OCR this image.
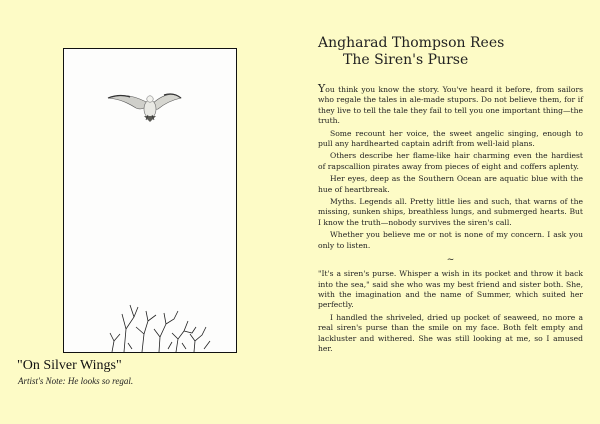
"On Silver Wings"
Artist's Note: He looks so regal.
Angharad Thompson Rees
The Siren's Purse

You think you know the story. You've heard it before, from sailors who regale the tales in ale-made stupors. Do not believe them, for if they live to tell the tale they fail to tell you one important thing—the truth.

Some recount her voice, the sweet angelic singing, enough to pull any hardhearted captain adrift from well-laid plans.

Others describe her flame-like hair charming even the hardiest of rapscallion pirates away from pieces of eight and coffers aplenty.

Her eyes, deep as the Southern Ocean are aquatic blue with the hue of heartbreak.

Myths. Legends all. Pretty little lies and such, that warns of the missing, sunken ships, breathless lungs, and submerged hearts. But I know the truth—nobody survives the siren's call.

Whether you believe me or not is none of my concern. I ask you only to listen.

~

"It's a siren's purse. Whisper a wish in its pocket and throw it back into the sea," said she who was my best friend and sister both. She, with the imagination and the name of Summer, which suited her perfectly.

I handled the shriveled, dried up pocket of seaweed, no more a real siren's purse than the smile on my face. Both felt empty and lackluster and withered. She was still looking at me, so I amused her.
